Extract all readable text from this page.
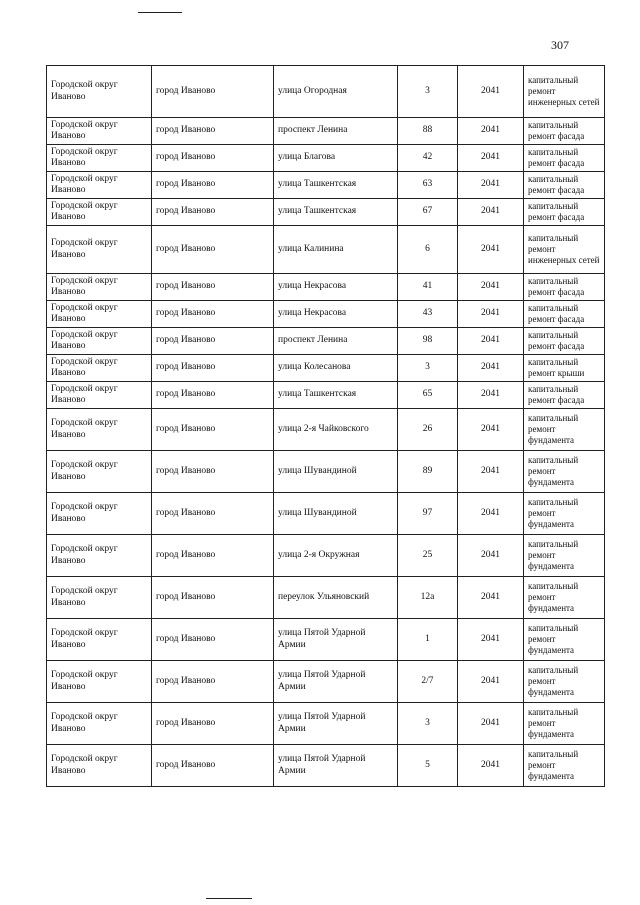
307
Городской округ Иваново	город Иваново	улица Огородная	3	2041	капитальный ремонт инженерных сетей
Городской округ Иваново	город Иваново	проспект Ленина	88	2041	капитальный ремонт фасада
Городской округ Иваново	город Иваново	улица Благова	42	2041	капитальный ремонт фасада
Городской округ Иваново	город Иваново	улица Ташкентская	63	2041	капитальный ремонт фасада
Городской округ Иваново	город Иваново	улица Ташкентская	67	2041	капитальный ремонт фасада
Городской округ Иваново	город Иваново	улица Калинина	6	2041	капитальный ремонт инженерных сетей
Городской округ Иваново	город Иваново	улица Некрасова	41	2041	капитальный ремонт фасада
Городской округ Иваново	город Иваново	улица Некрасова	43	2041	капитальный ремонт фасада
Городской округ Иваново	город Иваново	проспект Ленина	98	2041	капитальный ремонт фасада
Городской округ Иваново	город Иваново	улица Колесанова	3	2041	капитальный ремонт крыши
Городской округ Иваново	город Иваново	улица Ташкентская	65	2041	капитальный ремонт фасада
Городской округ Иваново	город Иваново	улица 2-я Чайковского	26	2041	капитальный ремонт фундамента
Городской округ Иваново	город Иваново	улица Шувандиной	89	2041	капитальный ремонт фундамента
Городской округ Иваново	город Иваново	улица Шувандиной	97	2041	капитальный ремонт фундамента
Городской округ Иваново	город Иваново	улица 2-я Окружная	25	2041	капитальный ремонт фундамента
Городской округ Иваново	город Иваново	переулок Ульяновский	12а	2041	капитальный ремонт фундамента
Городской округ Иваново	город Иваново	улица Пятой Ударной Армии	1	2041	капитальный ремонт фундамента
Городской округ Иваново	город Иваново	улица Пятой Ударной Армии	2/7	2041	капитальный ремонт фундамента
Городской округ Иваново	город Иваново	улица Пятой Ударной Армии	3	2041	капитальный ремонт фундамента
Городской округ Иваново	город Иваново	улица Пятой Ударной Армии	5	2041	капитальный ремонт фундамента
